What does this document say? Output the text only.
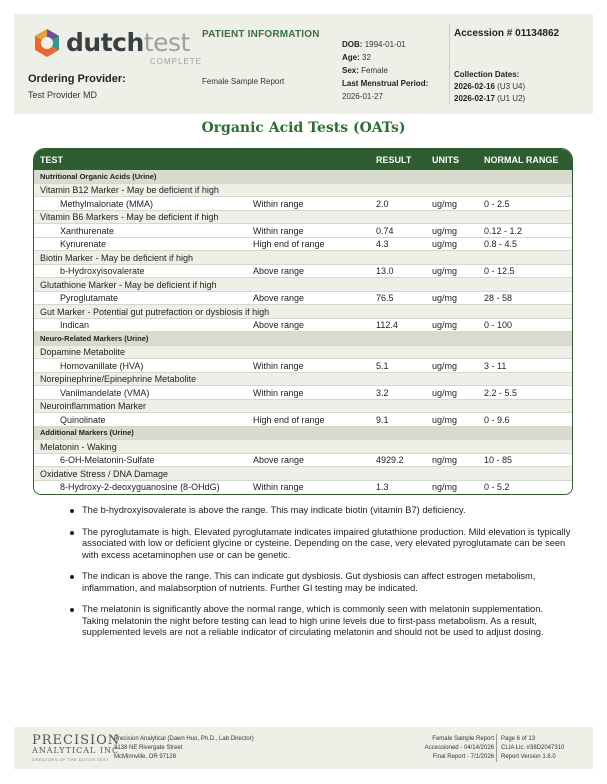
dutchtest
COMPLETE
Ordering Provider:
Test Provider MD
PATIENT INFORMATION
Female Sample Report
DOB: 1994-01-01
Age: 32
Sex: Female
Last Menstrual Period:
2026-01-27
Accession # 01134862
Collection Dates:
2026-02-16 (U3 U4)
2026-02-17 (U1 U2)
Organic Acid Tests (OATs)
TEST	RESULT UNITS	NORMAL RANGE
Nutritional Organic Acids (Urine)
Vitamin B12 Marker - May be deficient if high
Methylmalonate (MMA)	Within range	2.0	ug/mg	0 - 2.5
Vitamin B6 Markers - May be deficient if high
Xanthurenate	Within range	0.74	ug/mg	0.12 - 1.2
Kynurenate	High end of range	4.3	ug/mg	0.8 - 4.5
Biotin Marker - May be deficient if high
b-Hydroxyisovalerate	Above range	13.0	ug/mg	0 - 12.5
Glutathione Marker - May be deficient if high
Pyroglutamate	Above range	76.5	ug/mg	28 - 58
Gut Marker - Potential gut putrefaction or dysbiosis if high
Indican	Above range	112.4	ug/mg	0 - 100
Neuro-Related Markers (Urine)
Dopamine Metabolite
Homovanillate (HVA)	Within range	5.1	ug/mg	3 - 11
Norepinephrine/Epinephrine Metabolite
Vanilmandelate (VMA)	Within range	3.2	ug/mg	2.2 - 5.5
Neuroinflammation Marker
Quinolinate	High end of range	9.1	ug/mg	0 - 9.6
Additional Markers (Urine)
Melatonin - Waking
6-OH-Melatonin-Sulfate	Above range	4929.2	ng/mg	10 - 85
Oxidative Stress / DNA Damage
8-Hydroxy-2-deoxyguanosine (8-OHdG)	Within range	1.3	ng/mg	0 - 5.2
The b-hydroxyisovalerate is above the range. This may indicate biotin (vitamin B7) deficiency.
The pyroglutamate is high. Elevated pyroglutamate indicates impaired glutathione production. Mild elevation is typically associated with low or deficient glycine or cysteine. Depending on the case, very elevated pyroglutamate can be seen with excess acetaminophen use or can be genetic.
The indican is above the range. This can indicate gut dysbiosis. Gut dysbiosis can affect estrogen metabolism, inflammation, and malabsorption of nutrients. Further GI testing may be indicated.
The melatonin is significantly above the normal range, which is commonly seen with melatonin supplementation. Taking melatonin the night before testing can lead to high urine levels due to first-pass metabolism. As a result, supplemented levels are not a reliable indicator of circulating melatonin and should not be used to adjust dosing.
PRECISION
ANALYTICAL INC
CREATORS OF THE DUTCH TEST
Precision Analytical (Dawn Huo, Ph.D., Lab Director)
3138 NE Rivergate Street
McMinnville, OR 97128
Female Sample Report
Accessioned - 04/14/2026
Final Report - 7/1/2026
Page 6 of 13
CLIA Lic. #38D2047310
Report Version 1.6.0
